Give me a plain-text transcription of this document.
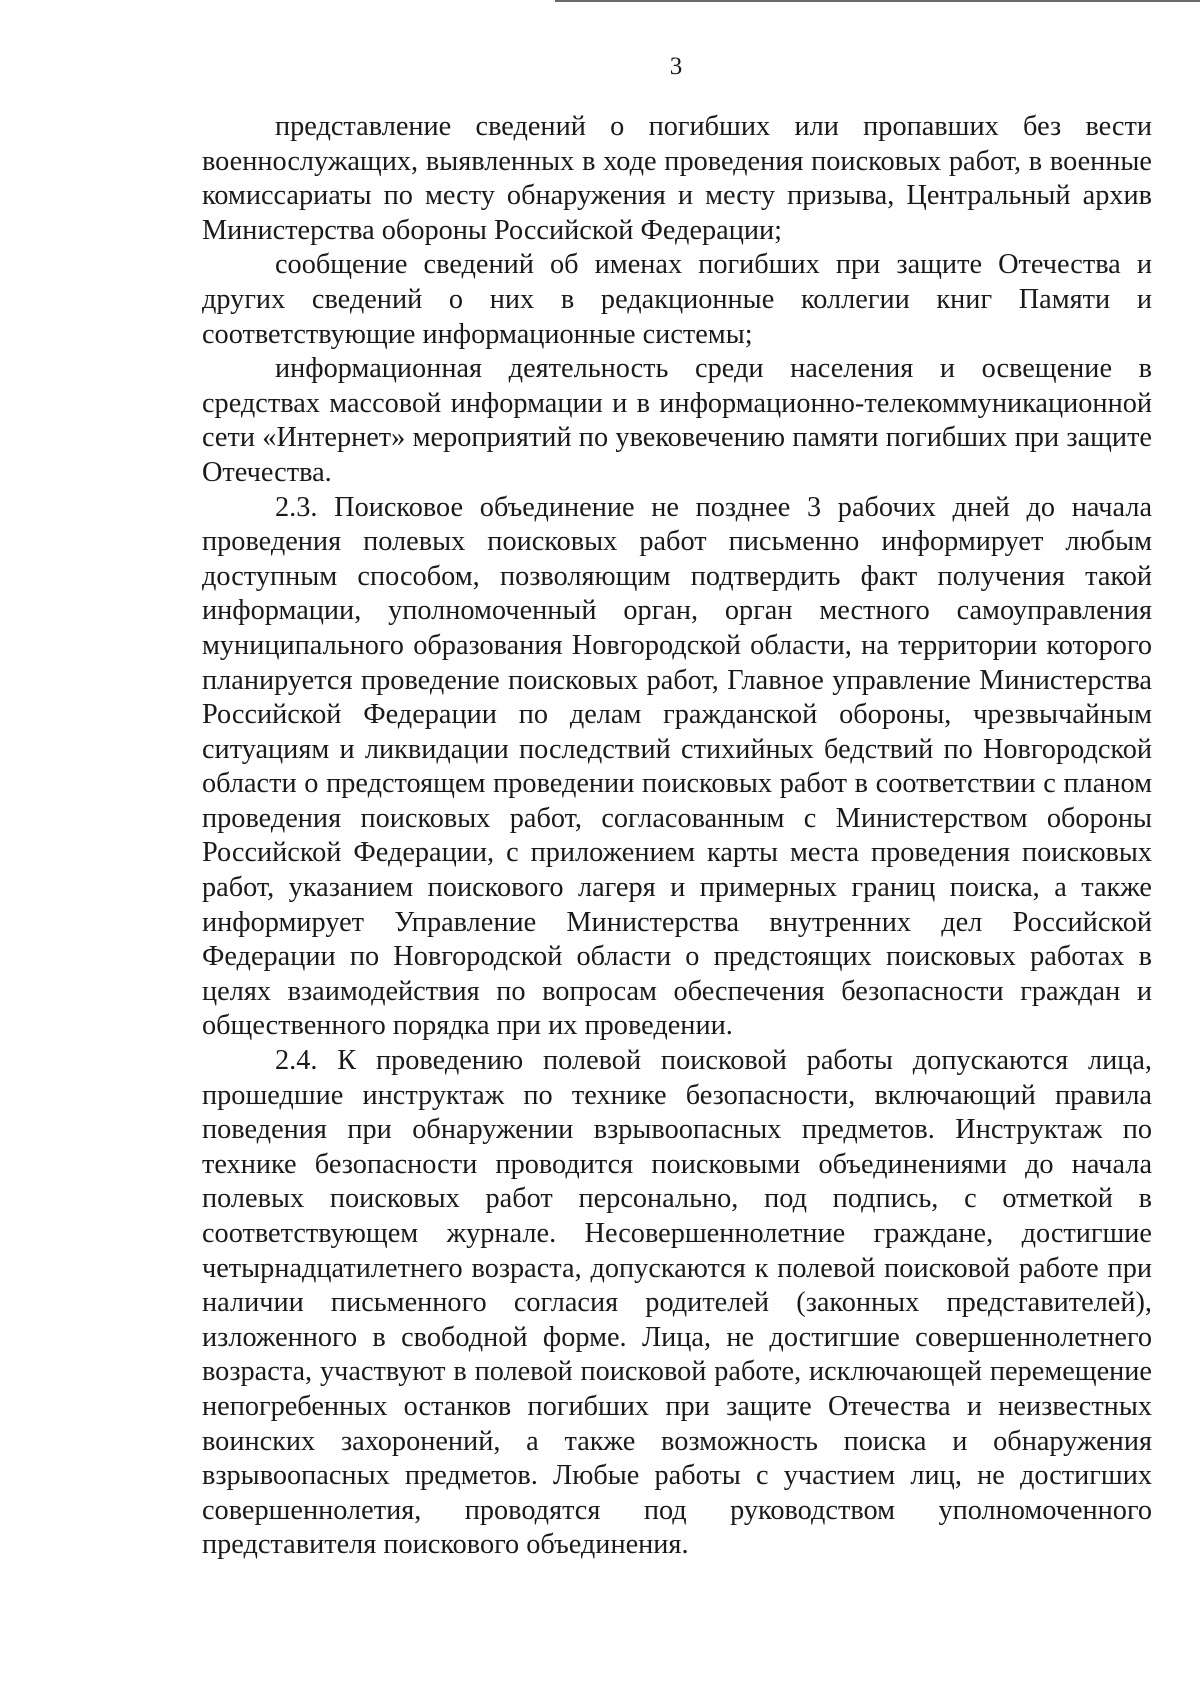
3

представление сведений о погибших или пропавших без вести военнослужащих, выявленных в ходе проведения поисковых работ, в военные комиссариаты по месту обнаружения и месту призыва, Центральный архив Министерства обороны Российской Федерации;

сообщение сведений об именах погибших при защите Отечества и других сведений о них в редакционные коллегии книг Памяти и соответствующие информационные системы;

информационная деятельность среди населения и освещение в средствах массовой информации и в информационно-телекоммуникационной сети «Интернет» мероприятий по увековечению памяти погибших при защите Отечества.

2.3. Поисковое объединение не позднее 3 рабочих дней до начала проведения полевых поисковых работ письменно информирует любым доступным способом, позволяющим подтвердить факт получения такой информации, уполномоченный орган, орган местного самоуправления муниципального образования Новгородской области, на территории которого планируется проведение поисковых работ, Главное управление Министерства Российской Федерации по делам гражданской обороны, чрезвычайным ситуациям и ликвидации последствий стихийных бедствий по Новгородской области о предстоящем проведении поисковых работ в соответствии с планом проведения поисковых работ, согласованным с Министерством обороны Российской Федерации, с приложением карты места проведения поисковых работ, указанием поискового лагеря и примерных границ поиска, а также информирует Управление Министерства внутренних дел Российской Федерации по Новгородской области о предстоящих поисковых работах в целях взаимодействия по вопросам обеспечения безопасности граждан и общественного порядка при их проведении.

2.4. К проведению полевой поисковой работы допускаются лица, прошедшие инструктаж по технике безопасности, включающий правила поведения при обнаружении взрывоопасных предметов. Инструктаж по технике безопасности проводится поисковыми объединениями до начала полевых поисковых работ персонально, под подпись, с отметкой в соответствующем журнале. Несовершеннолетние граждане, достигшие четырнадцатилетнего возраста, допускаются к полевой поисковой работе при наличии письменного согласия родителей (законных представителей), изложенного в свободной форме. Лица, не достигшие совершеннолетнего возраста, участвуют в полевой поисковой работе, исключающей перемещение непогребенных останков погибших при защите Отечества и неизвестных воинских захоронений, а также возможность поиска и обнаружения взрывоопасных предметов. Любые работы с участием лиц, не достигших совершеннолетия, проводятся под руководством уполномоченного представителя поискового объединения.
